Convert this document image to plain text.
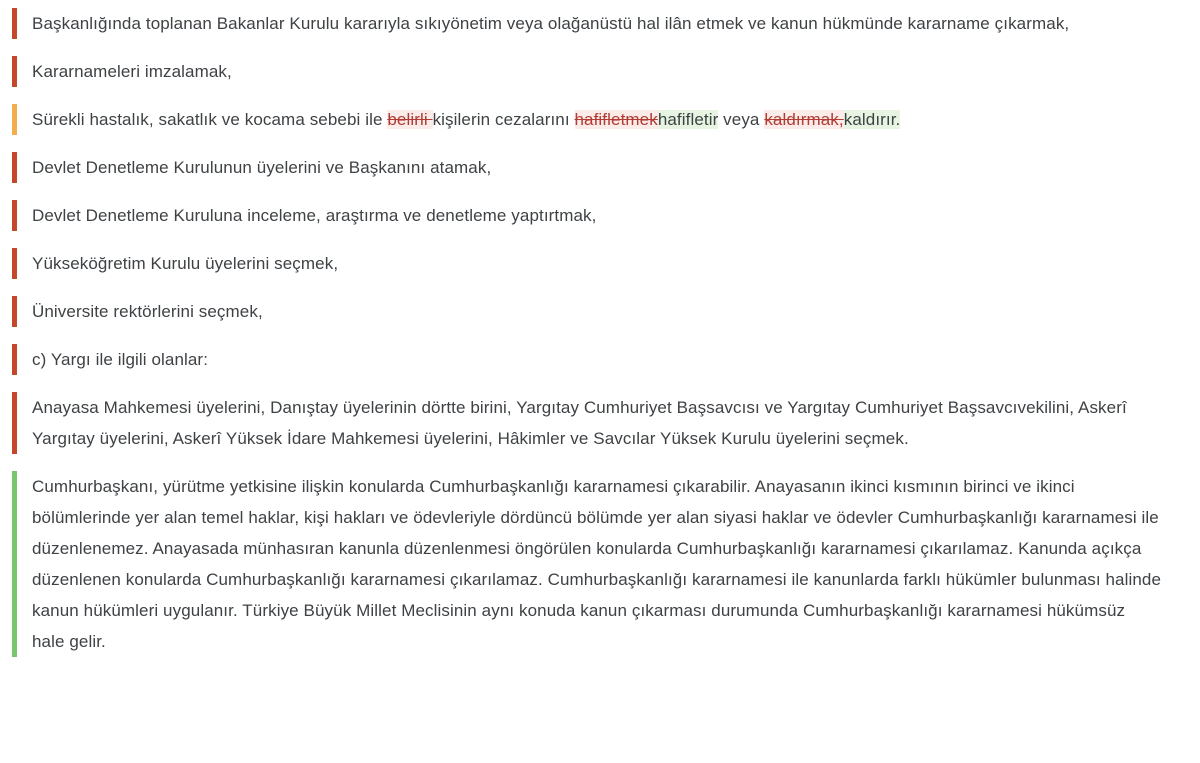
Başkanlığında toplanan Bakanlar Kurulu kararıyla sıkıyönetim veya olağanüstü hal ilân etmek ve kanun hükmünde kararname çıkarmak,

Kararnameleri imzalamak,

Sürekli hastalık, sakatlık ve kocama sebebi ile belirli kişilerin cezalarını hafifletmekhafifletir veya kaldırmak,kaldırır.

Devlet Denetleme Kurulunun üyelerini ve Başkanını atamak,

Devlet Denetleme Kuruluna inceleme, araştırma ve denetleme yaptırtmak,

Yükseköğretim Kurulu üyelerini seçmek,

Üniversite rektörlerini seçmek,

c) Yargı ile ilgili olanlar:

Anayasa Mahkemesi üyelerini, Danıştay üyelerinin dörtte birini, Yargıtay Cumhuriyet Başsavcısı ve Yargıtay Cumhuriyet Başsavcıvekilini, Askerî Yargıtay üyelerini, Askerî Yüksek İdare Mahkemesi üyelerini, Hâkimler ve Savcılar Yüksek Kurulu üyelerini seçmek.

Cumhurbaşkanı, yürütme yetkisine ilişkin konularda Cumhurbaşkanlığı kararnamesi çıkarabilir. Anayasanın ikinci kısmının birinci ve ikinci bölümlerinde yer alan temel haklar, kişi hakları ve ödevleriyle dördüncü bölümde yer alan siyasi haklar ve ödevler Cumhurbaşkanlığı kararnamesi ile düzenlenemez. Anayasada münhasıran kanunla düzenlenmesi öngörülen konularda Cumhurbaşkanlığı kararnamesi çıkarılamaz. Kanunda açıkça düzenlenen konularda Cumhurbaşkanlığı kararnamesi çıkarılamaz. Cumhurbaşkanlığı kararnamesi ile kanunlarda farklı hükümler bulunması halinde kanun hükümleri uygulanır. Türkiye Büyük Millet Meclisinin aynı konuda kanun çıkarması durumunda Cumhurbaşkanlığı kararnamesi hükümsüz hale gelir.
